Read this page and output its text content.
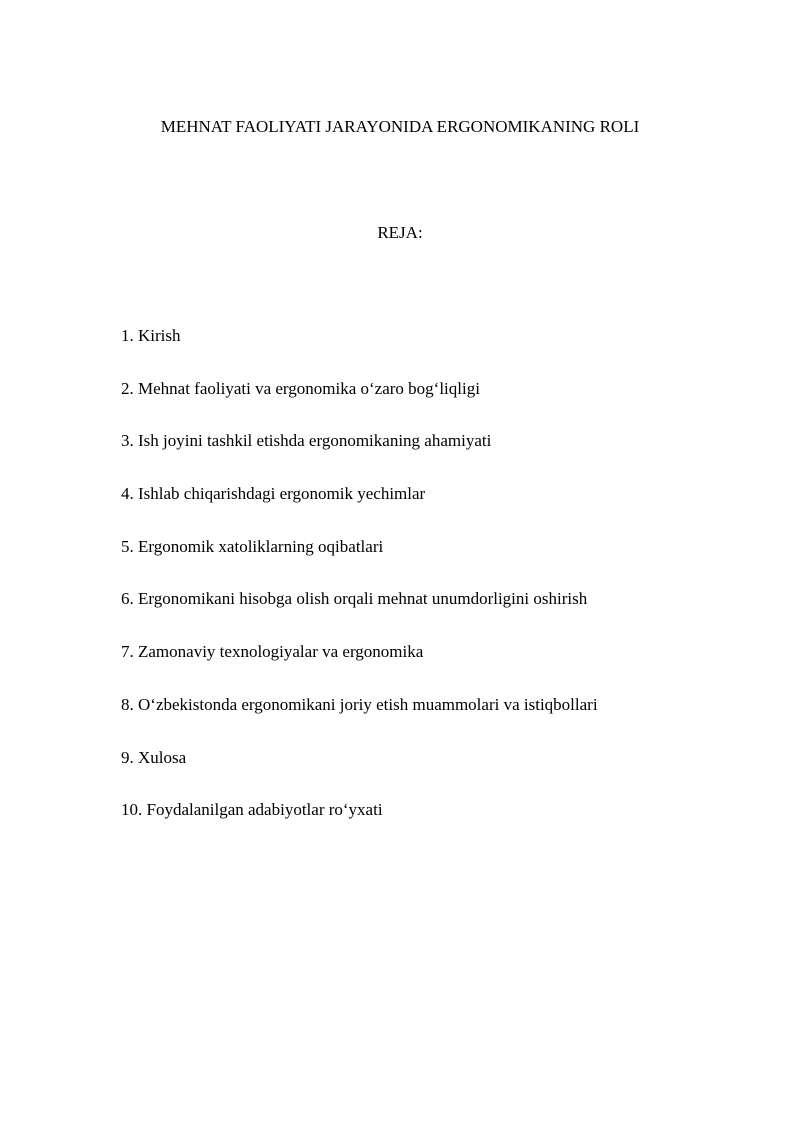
MEHNAT FAOLIYATI JARAYONIDA ERGONOMIKANING ROLI
REJA:
1. Kirish
2. Mehnat faoliyati va ergonomika o‘zaro bog‘liqligi
3. Ish joyini tashkil etishda ergonomikaning ahamiyati
4. Ishlab chiqarishdagi ergonomik yechimlar
5. Ergonomik xatoliklarning oqibatlari
6. Ergonomikani hisobga olish orqali mehnat unumdorligini oshirish
7. Zamonaviy texnologiyalar va ergonomika
8. O‘zbekistonda ergonomikani joriy etish muammolari va istiqbollari
9. Xulosa
10. Foydalanilgan adabiyotlar ro‘yxati
